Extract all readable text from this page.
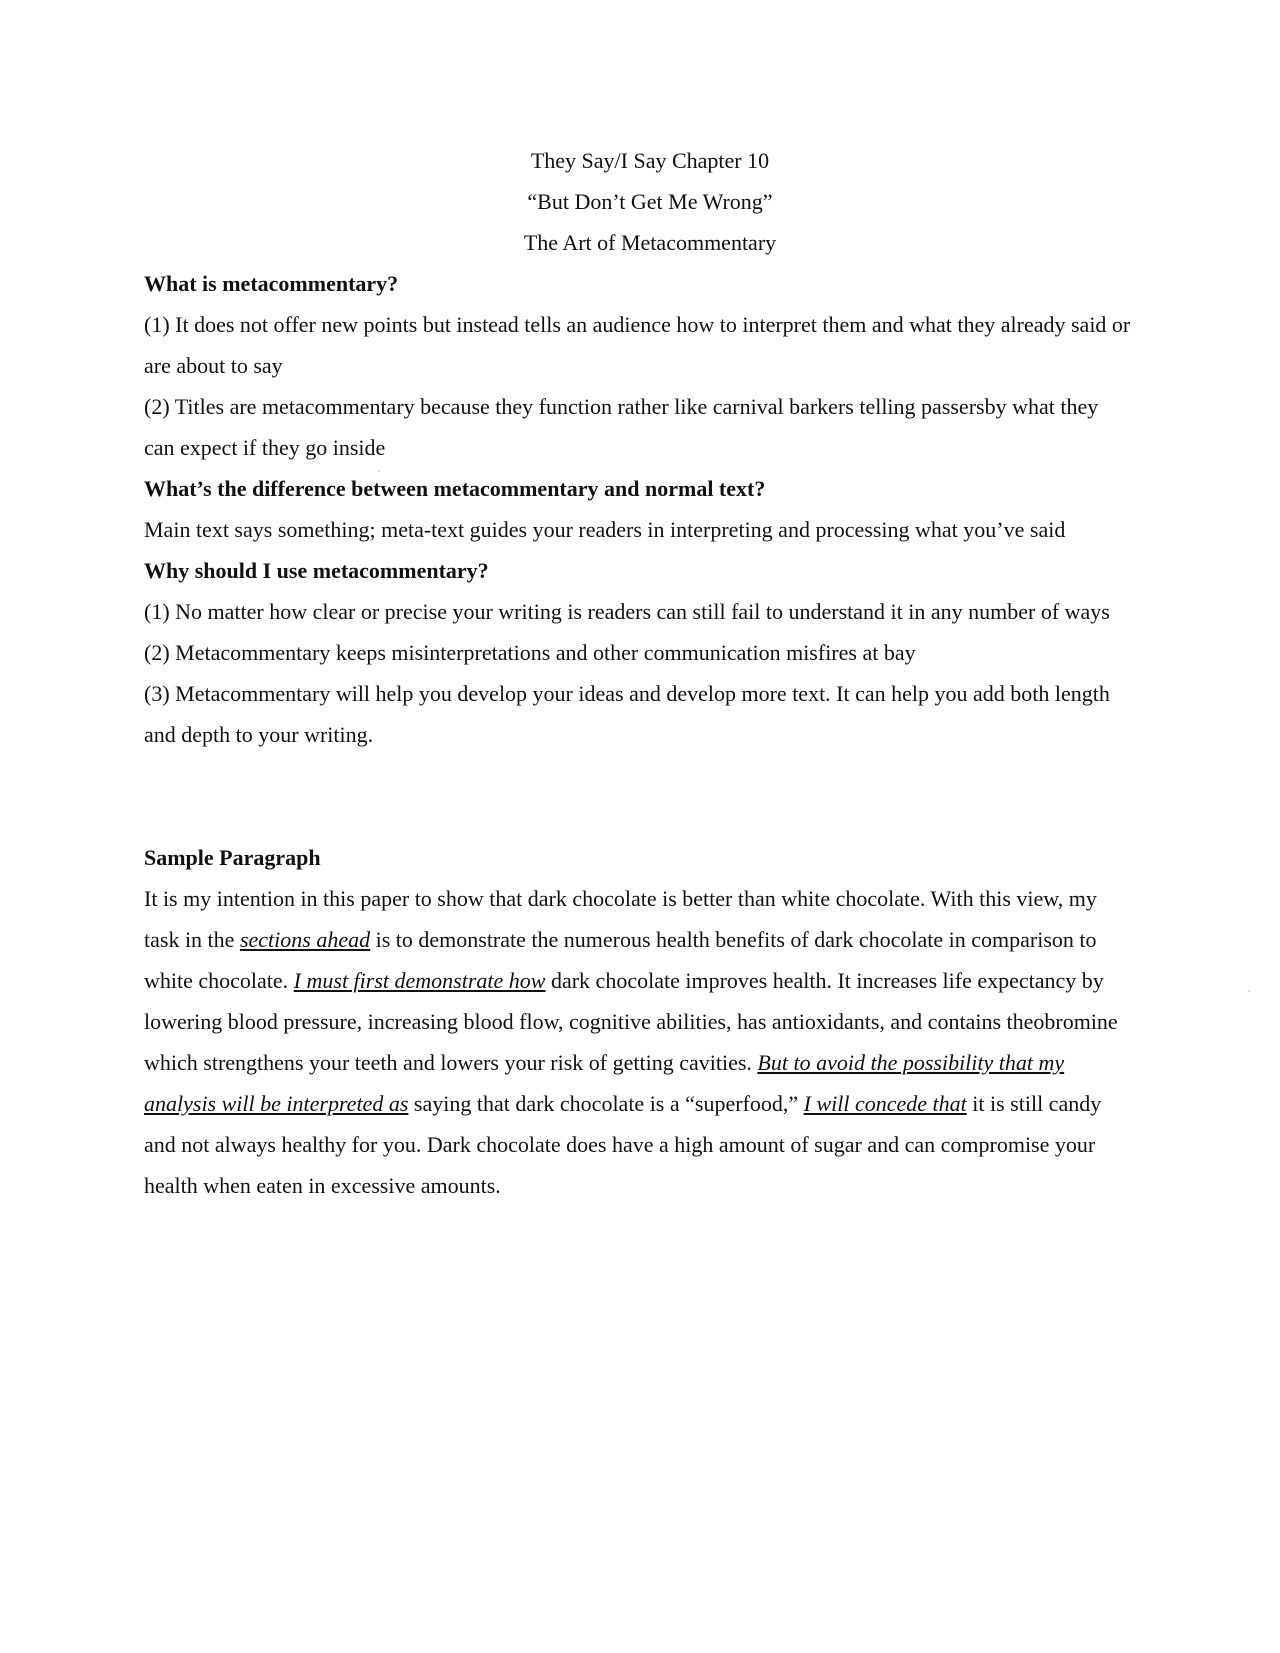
They Say/I Say Chapter 10
“But Don’t Get Me Wrong”
The Art of Metacommentary
What is metacommentary?
(1) It does not offer new points but instead tells an audience how to interpret them and what they already said or are about to say
(2) Titles are metacommentary because they function rather like carnival barkers telling passersby what they can expect if they go inside
What’s the difference between metacommentary and normal text?
Main text says something; meta-text guides your readers in interpreting and processing what you’ve said
Why should I use metacommentary?
(1) No matter how clear or precise your writing is readers can still fail to understand it in any number of ways
(2) Metacommentary keeps misinterpretations and other communication misfires at bay
(3) Metacommentary will help you develop your ideas and develop more text. It can help you add both length and depth to your writing.
Sample Paragraph
It is my intention in this paper to show that dark chocolate is better than white chocolate. With this view, my task in the sections ahead is to demonstrate the numerous health benefits of dark chocolate in comparison to white chocolate. I must first demonstrate how dark chocolate improves health. It increases life expectancy by lowering blood pressure, increasing blood flow, cognitive abilities, has antioxidants, and contains theobromine which strengthens your teeth and lowers your risk of getting cavities. But to avoid the possibility that my analysis will be interpreted as saying that dark chocolate is a “superfood,” I will concede that it is still candy and not always healthy for you. Dark chocolate does have a high amount of sugar and can compromise your health when eaten in excessive amounts.
